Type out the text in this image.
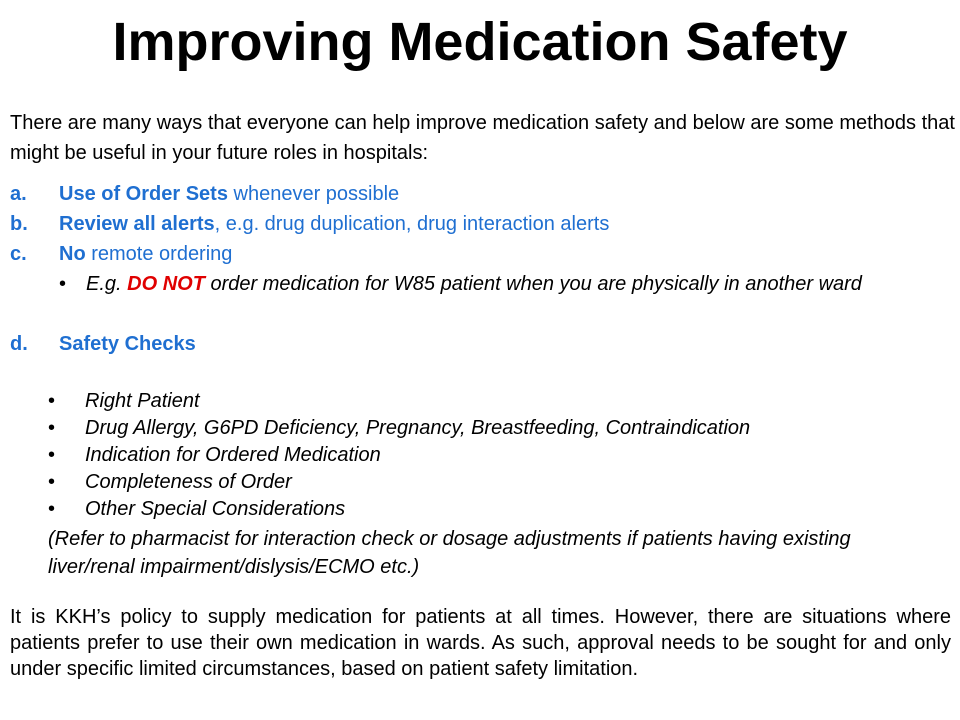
Improving Medication Safety
There are many ways that everyone can help improve medication safety and below are some methods that might be useful in your future roles in hospitals:
a. Use of Order Sets whenever possible
b. Review all alerts, e.g. drug duplication, drug interaction alerts
c. No remote ordering
• E.g. DO NOT order medication for W85 patient when you are physically in another ward
d. Safety Checks
• Right Patient
• Drug Allergy, G6PD Deficiency, Pregnancy, Breastfeeding, Contraindication
• Indication for Ordered Medication
• Completeness of Order
• Other Special Considerations
(Refer to pharmacist for interaction check or dosage adjustments if patients having existing liver/renal impairment/dislysis/ECMO etc.)
It is KKH’s policy to supply medication for patients at all times. However, there are situations where patients prefer to use their own medication in wards. As such, approval needs to be sought for and only under specific limited circumstances, based on patient safety limitation.
